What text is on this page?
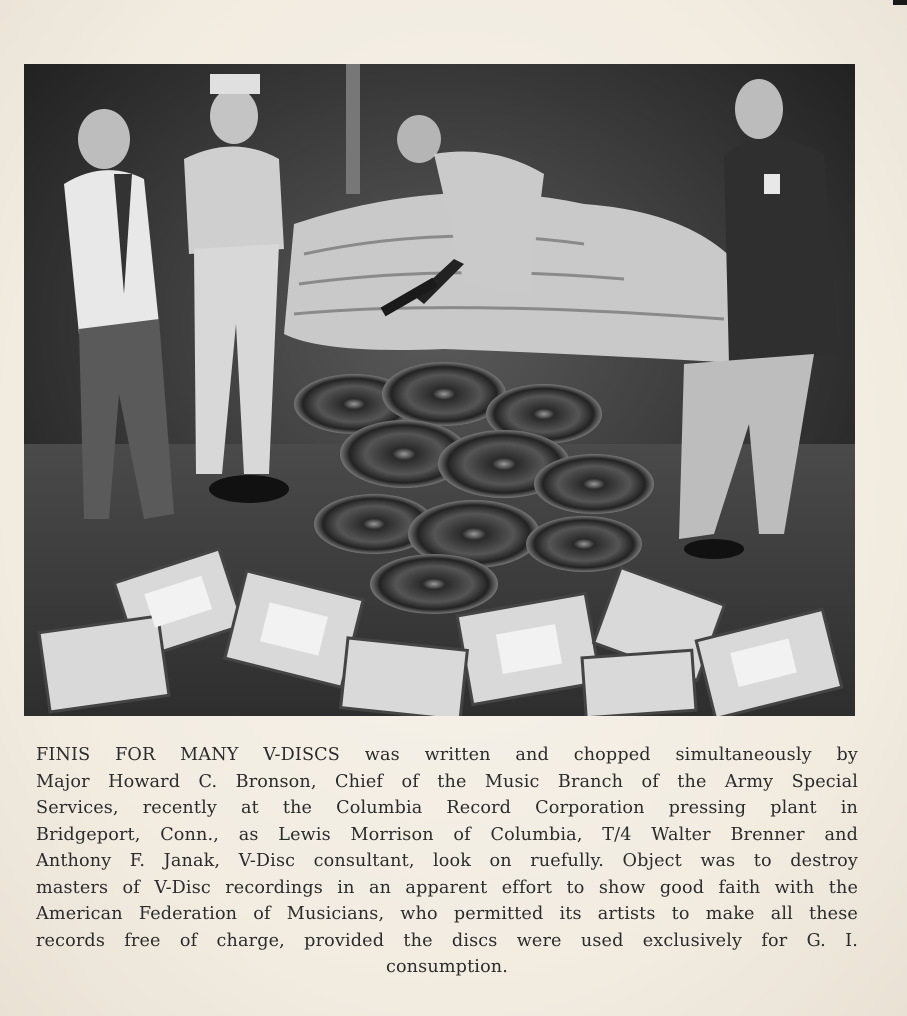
FINIS FOR MANY V-DISCS was written and chopped simultaneously by
Major Howard C. Bronson, Chief of the Music Branch of the Army Special
Services, recently at the Columbia Record Corporation pressing plant in
Bridgeport, Conn., as Lewis Morrison of Columbia, T/4 Walter Brenner and
Anthony F. Janak, V-Disc consultant, look on ruefully. Object was to destroy
masters of V-Disc recordings in an apparent effort to show good faith with the
American Federation of Musicians, who permitted its artists to make all these
records free of charge, provided the discs were used exclusively for G. I.
consumption.
